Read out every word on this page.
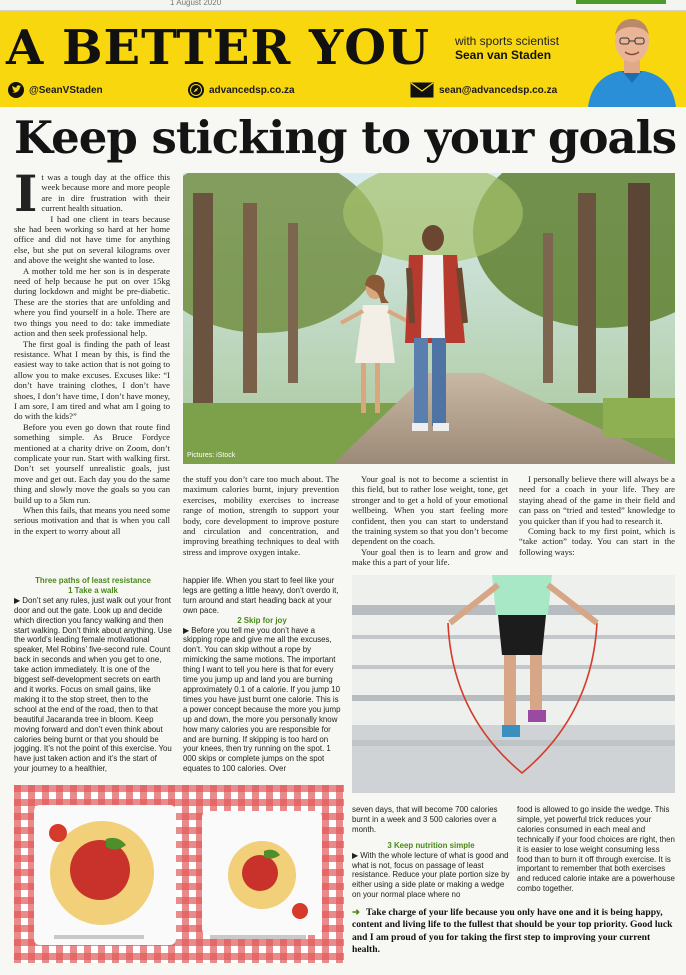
1 August 2020
A BETTER YOU with sports scientist
Sean van Staden
@SeanVStaden	advancedsp.co.za	sean@advancedsp.co.za
Keep sticking to your goals
I t was a tough day at the office this week because more and more people are in dire frustration with their current health situation.

I had one client in tears because she had been working so hard at her home office and did not have time for anything else, but she put on several kilograms over and above the weight she wanted to lose.

A mother told me her son is in desperate need of help because he put on over 15kg during lockdown and might be pre-diabetic. These are the stories that are unfolding and where you find yourself in a hole. There are two things you need to do: take immediate action and then seek professional help.

The first goal is finding the path of least resistance. What I mean by this, is find the easiest way to take action that is not going to allow you to make excuses. Excuses like: “I don’t have training clothes, I don’t have shoes, I don’t have time, I don’t have money, I am sore, I am tired and what am I going to do with the kids?”

Before you even go down that route find something simple. As Bruce Fordyce mentioned at a charity drive on Zoom, don’t complicate your run. Start with walking first. Don’t set yourself unrealistic goals, just move and get out. Each day you do the same thing and slowly move the goals so you can build up to a 5km run.

When this fails, that means you need some serious motivation and that is when you call in the expert to worry about all

Pictures: iStock

the stuff you don’t care too much about. The maximum calories burnt, injury prevention exercises, mobility exercises to increase range of motion, strength to support your body, core development to improve posture and circulation and concentration, and improving breathing techniques to deal with stress and improve oxygen intake.

Your goal is not to become a scientist in this field, but to rather lose weight, tone, get stronger and to get a hold of your emotional wellbeing. When you start feeling more confident, then you can start to understand the training system so that you don’t become dependent on the coach.

Your goal then is to learn and grow and make this a part of your life.

I personally believe there will always be a need for a coach in your life. They are staying ahead of the game in their field and can pass on “tried and tested” knowledge to you quicker than if you had to research it.

Coming back to my first point, which is “take action” today. You can start in the following ways:

Three paths of least resistance
1 Take a walk

▶ Don’t set any rules, just walk out your front door and out the gate. Look up and decide which direction you fancy walking and then start walking. Don’t think about anything. Use the world’s leading female motivational speaker, Mel Robins’ five-second rule. Count back in seconds and when you get to one, take action immediately. It is one of the biggest self-development secrets on earth and it works. Focus on small gains, like making it to the stop street, then to the school at the end of the road, then to that beautiful Jacaranda tree in bloom. Keep moving forward and don’t even think about calories being burnt or that you should be jogging. It’s not the point of this exercise. You have just taken action and it’s the start of your journey to a healthier,

happier life. When you start to feel like your legs are getting a little heavy, don’t overdo it, turn around and start heading back at your own pace.

2 Skip for joy

▶ Before you tell me you don’t have a skipping rope and give me all the excuses, don’t. You can skip without a rope by mimicking the same motions. The important thing I want to tell you here is that for every time you jump up and land you are burning approximately 0.1 of a calorie. If you jump 10 times you have just burnt one calorie. This is a power concept because the more you jump up and down, the more you personally know how many calories you are responsible for and are burning. If skipping is too hard on your knees, then try running on the spot. 1 000 skips or complete jumps on the spot equates to 100 calories. Over

seven days, that will become 700 calories burnt in a week and 3 500 calories over a month.

3 Keep nutrition simple

▶ With the whole lecture of what is good and what is not, focus on passage of least resistance. Reduce your plate portion size by either using a side plate or making a wedge on your normal place where no

food is allowed to go inside the wedge. This simple, yet powerful trick reduces your calories consumed in each meal and technically if your food choices are right, then it is easier to lose weight consuming less food than to burn it off through exercise. It is important to remember that both exercises and reduced calorie intake are a powerhouse combo together.

➜ Take charge of your life because you only have one and it is being happy, content and living life to the fullest that should be your top priority. Good luck and I am proud of you for taking the first step to improving your current health.
